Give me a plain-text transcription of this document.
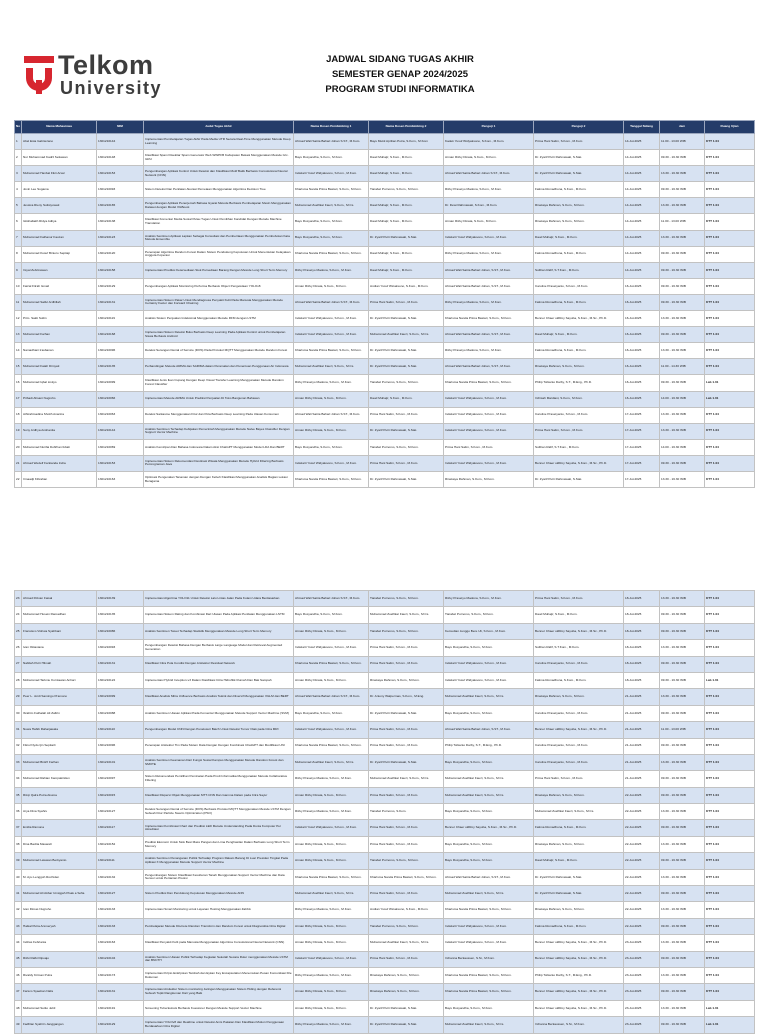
Telkom
University
JADWAL SIDANG TUGAS AKHIR
SEMESTER GENAP 2024/2025
PROGRAM STUDI INFORMATIKA
No	Nama Mahasiswa	NIM	Judul Tugas Akhir	Nama Dosen Pembimbing 1	Nama Dosen Pembimbing 2	Penguji 1	Penguji 2	Tanggal Sidang	Jam	Ruang Ujian
1	Abel Esta Gabriezano	1301210144	Implementasi Pembelajaran Tugas Akhir Pada Media UTR Secara Real-Time Menggunakan Metode Deep Learning	Ahmad Wali Satria Bahari Johan S.ST., M.Kom.	Bayu Mukti Aprilian Putra, S.Kom., M.Kom	Kadek Yusuf Widyaksono, S.Kom., M.Kom.	Prima Hani Salim, S.Kom., M.Kom	14-Jul-2025	11.00 - 13.00 WIB	KTT 1.04
2	Nur Muhammad Kadril Setiawan	1301210148	Klasifikasi Spam Disekitar Spam Generator Web WWPFB Kabupaten Bekasi Menggunakan Metode GU-GRU	Bayu Rusyandha, S.Kom., M.Kom.	Daud Muhajir, S.Kom., M.Kom.	Arman Rizky Dinata, S.Kom., M.Kom.	Dr. Zyarif Putri Rahmawati, S.Stat.	14-Jul-2025	09.30 - 16.30 WIB	KTT 1.04
3	Muhammad Hanbal Fikri Arsal	1301210153	Pengembangan Aplikasi Kontrol Untuk Deteksi dan Klasifikasi Motif Batik Berbasis Convolutional Neural Network (CNN)	Indwiarti Yusuf Widyaksono, S.Kom., M.Kom.	Daud Muhajir, S.Kom., M.Kom.	Ahmad Wali Satria Bahari Johan S.ST., M.Kom.	Dr. Zyarif Putri Rahmawati, S.Stat.	14-Jul-2025	13.30 - 16.30 WIB	KTT 1.04
4	Jovin Lee Sugama	1301210093	Sistem Deteksi Dan Penilaian Akurasi Pemetaan Menggunakan Algoritma Decision Tree	Kharisma Nanda Prima Bastari, S.Kom., M.Kom.	Tiarabel Purnomo, S.Kom., M.Kom.	Rizky Prasetyo Madona, S.Kom., M.Kom.	Fatima Romadhona, S.Kom., M.Kom.	14-Jul-2025	09.30 - 16.30 WIB	KTT 1.04
5	Jessica Rieny Sulistyowati	1301210165	Pengembangan Aplikasi Penerjemah Bahasa Isyarat Metode Berbasis Pembelajaran Mesin Menggunakan Dataset dengan Model XGBoost	Muhammad Zoelfikar Fauzi, S.Kom., M.Cs.	Daud Muhajir, S.Kom., M.Kom.	Dr. Dewi Rahmawati, S.Kom., M.Kom.	Rinekaya Rahman, S.Kom., M.Kom.	14-Jul-2025	13.30 - 16.30 WIB	KTT 1.04
6	Istishallakh Ridya Aditya	1301210138	Klasifikasi Komentar Media Sosial Pulau Tugas Untuk Pemilihan Kandidat Dengan Metode Machine Translation	Bayu Rusyandha, S.Kom., M.Kom.	Daud Muhajir, S.Kom., M.Kom.	Arman Rizky Dinata, S.Kom., M.Kom.	Rinekaya Rahman, S.Kom., M.Kom.	14-Jul-2025	11.00 - 13.00 WIB	KTT 1.04
7	Muhammad Fathanur Fauzan	1301210123	Analisis Sentimen Aplikasi Lapkan Sebagai Konsultasi dan Pemberitaan Menggunakan Pembobotan Kata Metode Ensemble	Bayu Rusyandha, S.Kom., M.Kom.	Dr. Zyarif Putri Rahmawati, S.Stat.	Indwiarti Yusuf Widyaksono, S.Kom., M.Kom.	Daud Muhajir, S.Kom., M.Kom.	14-Jul-2025	13.30 - 16.30 WIB	KTT 1.04
8	Muhammad Kusuf Bintoro Septiaji	1301210120	Penerapan Algoritma Random Forest Dalam Sistem Pendukung Keputusan Untuk Menentukan Kelayakan Anggota Koperasi	Kharisma Nanda Prima Bastari, S.Kom., M.Kom.	Daud Muhajir, S.Kom., M.Kom.	Rizky Prasetyo Madona, S.Kom., M.Kom.	Fatima Romadhona, S.Kom., M.Kom.	14-Jul-2025	09.30 - 16.30 WIB	KTT 1.04
9	Irsyal Zebrinawan	1301210158	Implementasi Prediksi Ketersediaan Stok Persediaan Barang Dengan Metode Long Short Term Memory	Rizky Prasetyo Madona, S.Kom., M.Kom.	Daud Muhajir, S.Kom., M.Kom.	Ahmad Wali Satria Bahari Johan, S.ST., M.Kom.	Sulthan Rafif, S.T.Kom., M.Kom.	14-Jul-2025	09.30 - 16.30 WIB	KTT 1.04
10	Faizal Fitrah Ismail	1301210129	Pengembangan Aplikasi Monitoring Performa Berbasis Object Pengelolaan YOLOv8	Arman Rizky Dinata, S.Kom., M.Kom.	Andian Yusuf Wicaksono, S.Kom., M.Kom.	Ahmad Wali Satria Bahari Johan, S.ST., M.Kom.	Caroline Prasetyanto, S.Kom., M.Kom.	16-Jul-2025	09.30 - 16.30 WIB	KTT 1.04
11	Muhammad Saiful Ardhillah	1301210131	Implementasi Sistem Pakar Untuk Mendiagnosa Penyakit Kulit Pada Manusia Menggunakan Metode Certainty Factor dan Forward Chaining	Ahmad Wali Satria Bahari Johan S.ST., M.Kom.	Prima Hani Salim, S.Kom., M.Kom.	Rizky Prasetyo Madona, S.Kom., M.Kom.	Fatima Romadhona, S.Kom., M.Kom.	16-Jul-2025	09.30 - 16.30 WIB	KTT 1.04
12	Prim. Sakti Sultin	1301210119	Analisis Sistem Penjualan Indeksimal Menggunakan Metode RFM dengan LSTM	Indwiarti Yusuf Widyaksono, S.Kom., M.Kom.	Dr. Zyarif Putri Rahmawati, S.Stat.	Kharisma Nanda Prima Bastari, S.Kom., M.Kom.	Benner Chaer uldRoy Sayuba, S.Kom., M.Sc., Ph.D.	16-Jul-2025	13.30 - 16.30 WIB	KTT 1.04
13	Muhammad Farhan	1301210168	Implementasi Sistem Deteksi Buku Berbasis Deep Learning Pada Aplikasi Kontrol untuk Pembelajaran Siswa Berbasis Android	Indwiarti Yusuf Widyaksono, S.Kom., M.Kom.	Muhammad Zoelfikar Fauzi, S.Kom., M.Cs.	Ahmad Wali Satria Bahari Johan, S.ST., M.Kom.	Daud Muhajir, S.Kom., M.Kom.	16-Jul-2025	09.30 - 16.30 WIB	KTT 1.04
14	Namadhani Irasbanan	1301210096	Deteksi Serangan Denial of Service (DOS) Pada Protokol MQTT Menggunakan Metode Random Forest	Kharisma Nanda Prima Bastari, S.Kom., M.Kom.	Dr. Zyarif Putri Rahmawati, S.Stat.	Rizky Prasetyo Madona, S.Kom., M.Kom.	Fatima Romadhona, S.Kom., M.Kom.	16-Jul-2025	13.30 - 16.30 WIB	KTT 1.04
15	Muhammad Fatah Dimyati	1301210135	Perbandingan Metode ARIMA dan SARIMA dalam Peramalan dan Penentuan Penggunaan Air Indonesia	Muhammad Zoelfikar Fauzi, S.Kom., M.Cs.	Dr. Zyarif Putri Rahmawati, S.Stat.	Ahmad Wali Satria Bahari Johan, S.ST., M.Kom.	Rinekaya Rahman, S.Kom., M.Kom.	16-Jul-2025	11.00 - 14.30 WIB	KTT 1.04
16	Muhammad Iqbal Listiyo	1301210099	Klasifikasi Jenis Ikan Cupang Dengan Deep Visual Transfer Learning Menggunakan Metode Random Forest Classifier	Rizky Prasetyo Madona, S.Kom., M.Kom.	Tiarabel Purnomo, S.Kom., M.Kom.	Kharisma Nanda Prima Bastari, S.Kom., M.Kom.	Philip Tobianto Darby, S.T., M.Eng., Ph.D.	16-Jul-2025	09.30 - 16.30 WIB	Lab 1.01
17	Pribadi Ahsani Nugroho	1301210066	Implementasi Metode ARIMA Untuk Prediksi Penjualan Di Toko Bangunan Bahasan	Arman Rizky Dinata, S.Kom., M.Kom.	Daud Muhajir, S.Kom., M.Kom.	Indwiarti Yusuf Widyaksono, S.Kom., M.Kom.	Irchisah Mardiani, S.Kom., M.Kom.	16-Jul-2025	14.00 - 16.30 WIB	Lab 1.01
18	Athirahmadina Sholih Anantra	1301210063	Deteksi Sarkasme Menggunakan Fitur dan Pola Berbasis Deep Learning Pada Ulasan Konsumen	Ahmad Wali Satria Bahari Johan S.ST., M.Kom.	Prima Hani Salim, S.Kom., M.Kom.	Indwiarti Yusuf Widyaksono, S.Kom., M.Kom.	Caroline Prasetyanto, S.Kom., M.Kom.	17-Jul-2025	13.30 - 16.30 WIB	KTT 1.04
19	Sony Ardhya Anshanita	1301210144	Analisis Sentimen Terhadap Kebijakan Pemerintah Menggunakan Metode Naive Bayes Classifier Dengan Support Vector Machine	Arman Rizky Dinata, S.Kom., M.Kom.	Dr. Zyarif Putri Rahmawati, S.Stat.	Indwiarti Yusuf Widyaksono, S.Kom., M.Kom.	Prima Hani Salim, S.Kom., M.Kom.	17-Jul-2025	13.30 - 16.30 WIB	KTT 1.04
20	Muhammad Nurifai Dofirhan Ikbali	1301210069	Analisis Kemiripan Dan Bahasa Indonesia Dalam Aksi ChatGPT Menggunakan Model LDA Dan BERT	Bayu Rusyandha, S.Kom., M.Kom.	Tiarabel Purnomo, S.Kom., M.Kom.	Prima Hani Salim, S.Kom., M.Kom.	Sulthan Rafif, S.T.Kom., M.Kom.	17-Jul-2025	14.00 - 16.30 WIB	KTT 1.04
21	Ahmad Wedelf Fantianda Indra	1301210153	Implementasi Sistem Rekomendasi Destinasi Wisata Menggunakan Metode Hybrid Filtering Berbasis Pemrograman Java	Indwiarti Yusuf Widyaksono, S.Kom., M.Kom.	Prima Hani Salim, S.Kom., M.Kom.	Indwiarti Yusuf Widyaksono, S.Kom., M.Kom.	Benner Chaer uldRoy Sayuba, S.Kom., M.Sc., Ph.D.	17-Jul-2025	09.30 - 16.30 WIB	KTT 1.04
22	Irmaadji Kibrahan	1301210163	Optimasi Pengenalan Tanaman dengan Dengan Kebeh Klasifikasi Menggunakan Analisis Bagian Lokasi Beragama	Kharisma Nanda Prima Bastari, S.Kom., M.Kom.	Dr. Zyarif Putri Rahmawati, S.Stat.	Rinekaya Rahman, S.Kom., M.Kom.	Dr. Zyarif Putri Rahmawati, S.Stat.	17-Jul-2025	13.30 - 16.30 WIB	KTT 1.04
23	Ahmad Rizvan Faisal	1301210139	Implementasi Algoritma YOLO11 Untuk Deteksi Lalu Lintas Jalan Pada Kolam Udara Berdasarkan	Ahmad Wali Satria Bahari Johan S.ST., M.Kom.	Tiarabel Purnomo, S.Kom., M.Kom.	Rizky Prasetyo Madona, S.Kom., M.Kom.	Prima Hani Salim, S.Kom., M.Kom.	18-Jul-2025	13.30 - 16.30 WIB	KTT 1.04
24	Muhammad Husein Ramadhan	1301210135	Implementasi Sistem Rating dan Kombinasi Dari Ulasan Pada Aplikasi Penilaian Menggunakan LSTM	Bayu Rusyandha, S.Kom., M.Kom.	Muhammad Zoelfikar Fauzi, S.Kom., M.Cs.	Tiarabel Purnomo, S.Kom., M.Kom.	Daud Muhajir, S.Kom., M.Kom.	18-Jul-2025	09.30 - 16.30 WIB	KTT 1.04
25	Fransisco Vishwa Syahbani	1301210086	Analisis Sentimen Tweet Terhadap Statistik Menggunakan Metode Long Short Term Memory	Arman Rizky Dinata, S.Kom., M.Kom.	Tiarabel Purnomo, S.Kom., M.Kom.	Kemudian Jenggo Bere Uli, S.Kom., M.Kom.	Benner Chaer uldRoy Sayuba, S.Kom., M.Sc., Ph.D.	18-Jul-2025	09.30 - 16.30 WIB	KTT 1.04
26	Ivan Oktaviana	1301210093	Pengembangan Deteksi Bahasa Dengan Berbasis Large Language Model dan Retrieval Augmented Generation	Indwiarti Yusuf Widyaksono, S.Kom., M.Kom.	Prima Hani Salim, S.Kom., M.Kom.	Bayu Rusyandha, S.Kom., M.Kom.	Sulthan Rafif, S.T.Kom., M.Kom.	18-Jul-2025	13.30 - 16.30 WIB	KTT 1.04
27	Nabilah Putri Hilmah	1301210131	Klasifikasi Citra Pola Condisi Dengan Arsitektur Residual Network	Kharisma Nanda Prima Bastari, S.Kom., M.Kom.	Prima Hani Salim, S.Kom., M.Kom.	Indwiarti Yusuf Widyaksono, S.Kom., M.Kom.	Caroline Prasetyanto, S.Kom., M.Kom.	18-Jul-2025	09.30 - 16.30 WIB	KTT 1.04
28	Mohammad Tarkmu Kurniawan Anhari	1301210122	Implementasi Hybrid Inception-v3 Dalam Klasifikasi Citra Hidrofitik Rumah Dan Bak Sampah	Arman Rizky Dinata, S.Kom., M.Kom.	Rinekaya Rahman, S.Kom., M.Kom.	Indwiarti Yusuf Widyaksono, S.Kom., M.Kom.	Fatima Romadhona, S.Kom., M.Kom.	18-Jul-2025	09.30 - 16.30 WIB	Lab 1.01
29	Peer L. Jordi Samingo Pramono	1301210099	Klasifikasi Analisis Mitra Unfluence Berbasis Analisis Teknik dan Diversif Menggunakan XGLM dan BERT	Ahmad Wali Satria Bahari Johan S.ST., M.Kom.	Dr. Antony Walpermas, S.Kom., M.Eng.	Muhammad Zoelfikar Fauzi, S.Kom., M.Cs.	Rinekaya Rahman, S.Kom., M.Kom.	21-Jul-2025	13.30 - 16.30 WIB	KTT 1.04
30	Ibrahim Fathalah Ali Zafirin	1301210088	Analisis Sentimen Ulasan Aplikasi Pada Komentar Menggunakan Metode Support Vector Machine (SVM)	Bayu Rusyandha, S.Kom., M.Kom.	Dr. Zyarif Putri Rahmawati, S.Stat.	Bayu Rusyandha, S.Kom., M.Kom.	Caroline Prasetyanto, S.Kom., M.Kom.	21-Jul-2025	09.30 - 16.30 WIB	KTT 1.04
31	Nuwa Habib Raharjawala	1301210110	Pengembangan Model CNN Dengan Penelusuri Batch Untuk Deteksi Tumor Otak pada Citra MRI	Indwiarti Yusuf Widyaksono, S.Kom., M.Kom.	Prima Hani Salim, S.Kom., M.Kom.	Ahmad Wali Satria Bahari Johan, S.ST., M.Kom.	Benner Chaer uldRoy Sayuba, S.Kom., M.Sc., Ph.D.	21-Jul-2025	11.00 - 13.00 WIB	KTT 1.04
32	Fikrul Nydo Ijin Septiarli	1301210096	Penerapan Arsitektur Tim Pada Sistem Data Dengan Dengan Kombinasi ChatGPT dan Modifikasi UNI	Kharisma Nanda Prima Bastari, S.Kom., M.Kom.	Prima Hani Salim, S.Kom., M.Kom.	Philip Tobianto Darby, S.T., M.Eng., Ph.D.	Caroline Prasetyanto, S.Kom., M.Kom.	21-Jul-2025	09.30 - 16.30 WIB	KTT 1.04
33	Muhammad Bintrfi Farhan	1301210101	Analisis Sentimen Keamanan Dari Fungsi Sosial Kampus Menggunakan Metode Random Forest dan SMOTE	Muhammad Zoelfikar Fauzi, S.Kom., M.Cs.	Dr. Zyarif Putri Rahmawati, S.Stat.	Bayu Rusyandha, S.Kom., M.Kom.	Caroline Prasetyanto, S.Kom., M.Kom.	21-Jul-2025	13.30 - 16.30 WIB	KTT 1.04
34	Muhammad Rahian Kampakiriden	1301210097	Sistem Rekomendasi Pemilihan Peminatan Pada Prodi Informatika Menggunakan Metode Collaborative Filtering	Rizky Prasetyo Madona, S.Kom., M.Kom.	Muhammad Zoelfikar Fauzi, S.Kom., M.Cs.	Muhammad Zoelfikar Fauzi, S.Kom., M.Cs.	Prima Hani Salim, S.Kom., M.Kom.	21-Jul-2025	09.30 - 16.30 WIB	KTT 1.04
35	Rizqi Qalra Putra Akuma	1301210015	Klasifikasi Dispersi Objek Menggunakan MTT-CNN Dan Gamma Dalam pada Citra Sayur	Arman Rizky Dinata, S.Kom., M.Kom.	Prima Hani Salim, S.Kom., M.Kom.	Muhammad Zoelfikar Fauzi, S.Kom., M.Cs.	Rinekaya Rahman, S.Kom., M.Kom.	22-Jul-2025	09.30 - 16.30 WIB	KTT 1.04
36	Arya Dina Syahru	1301210127	Deteksi Serangan Denial of Service (DOS) Berbasis Protokol MQTT Menggunakan Metode LSTM Dengan Sebuah Fitur Particle Swarm Optimization (PSO)	Rizky Prasetyo Madona, S.Kom., M.Kom.	Tiarabel Purnomo, S.Kom.	Bayu Rusyandha, S.Kom., M.Kom.	Muhammad Zoelfikar Fauzi, S.Kom., M.Cs.	22-Jul-2025	13.30 - 16.30 WIB	KTT 1.04
37	Emilia Ramona	1301210117	Implementasi Kombinasi Chart dan Prediksi LED Metode Understanding Pada Dunia Komputer Per Akreditasi	Indwiarti Yusuf Widyaksono, S.Kom., M.Kom.	Prima Hani Salim, S.Kom., M.Kom.	Benner Chaer uldRoy Sayuba, S.Kom., M.Sc., Ph.D.	Fatima Romadhona, S.Kom., M.Kom.	22-Jul-2025	09.30 - 16.30 WIB	KTT 1.04
38	Dina Badria Masareh	1301210152	Prediksi Ekonomi Untuk Stok Besi Mass Pangan dan Lima Penghasilan Dalam Berbasis Long Short Term Memory	Arman Rizky Dinata, S.Kom., M.Kom.	Prima Hani Salim, S.Kom., M.Kom.	Bayu Rusyandha, S.Kom., M.Kom.	Rinekaya Rahman, S.Kom., M.Kom.	22-Jul-2025	13.30 - 16.30 WIB	KTT 1.04
39	Muhammad Lawwan Berkyanto	1301210111	Analisis Sentimen Penanganan Publik Terhadap Program Rakam Barang Di Luar Presiden Tingkat Pada Aplikasi X Menggunakan Metode Support Vector Machine	Arman Rizky Dinata, S.Kom., M.Kom.	Tiarabel Purnomo, S.Kom., M.Kom.	Bayu Rusyandha, S.Kom., M.Kom.	Daud Muhajir, S.Kom., M.Kom.	22-Jul-2025	09.30 - 16.30 WIB	KTT 1.04
40	M. Ayu Lenggoh Rochiden	1301210132	Pengembangan Sistem Klasifikasi Kesuburan Tanah Menggunakan Support Vector Machine dan Data Sensor untuk Pertanian Presisi	Kharisma Nanda Prima Bastari, S.Kom., M.Kom.	Kharisma Nanda Prima Bastari, S.Kom., M.Kom.	Ahmad Wali Satria Bahari Johan, S.ST., M.Kom.	Dr. Zyarif Putri Rahmawati, S.Stat.	22-Jul-2025	13.30 - 16.30 WIB	KTT 1.04
41	Muhammad Ali Akbar Umiqgah Pisak a Sofia	1301210127	Sistem Prediksi Dan Pendukung Keputusan Menggunakan Metode ANN	Muhammad Zoelfikar Fauzi, S.Kom., M.Cs.	Prima Hani Salim, S.Kom., M.Kom.	Muhammad Zoelfikar Fauzi, S.Kom., M.Cs.	Dr. Zyarif Putri Rahmawati, S.Stat.	22-Jul-2025	09.30 - 16.30 WIB	KTT 1.04
42	Ivan Dimas Nugroho	1301210133	Implementasi Smart Monitoring untuk Layanan Hosting Menggunakan Zabbix	Rizky Prasetyo Madona, S.Kom., M.Kom.	Andian Yusuf Wicaksono, S.Kom., M.Kom.	Kharisma Nanda Prima Bastari, S.Kom., M.Kom.	Rinekaya Rahman, S.Kom., M.Kom.	22-Jul-2025	13.30 - 16.30 WIB	KTT 1.04
43	Haikal Putra Arsmeryah	1301210133	Pembelajaran Metode Discrete Random Transform dan Random Forest untuk Diagnostika Citra Digital	Arman Rizky Dinata, S.Kom., M.Kom.	Tiarabel Purnomo, S.Kom., M.Kom.	Indwiarti Yusuf Widyaksono, S.Kom., M.Kom.	Fatima Romadhona, S.Kom., M.Kom.	22-Jul-2025	09.30 - 16.30 WIB	KTT 1.04
44	Indrias Febriania	1301210163	Klasifikasi Penyakit Kulit pada Manusia Menggunakan Algoritma Convolutional Neural Network (CNN)	Arman Rizky Dinata, S.Kom., M.Kom.	Muhammad Zoelfikar Fauzi, S.Kom., M.Cs.	Indwiarti Yusuf Widyaksono, S.Kom., M.Kom.	Benner Chaer uldRoy Sayuba, S.Kom., M.Sc., Ph.D.	23-Jul-2025	13.30 - 16.30 WIB	KTT 1.04
45	Rizki Rafki Dipoajo	1301210104	Analisis Sentimen Ulasan Publik Terhadap Kegiatan Sekolah Secara Ruler menggunakan Metode LSTM dan BNCTH	Indwiarti Yusuf Widyaksono, S.Kom., M.Kom.	Prima Hani Salim, S.Kom., M.Kom.	Irchanna Berkaussen, S.Si., M.Kom.	Benner Chaer uldRoy Sayuba, S.Kom., M.Sc., Ph.D.	23-Jul-2025	09.30 - 16.30 WIB	KTT 1.04
46	Rivaldy Kirman Putra	1301210173	Implementasi Kripto Enkripsian Tambah dan Eykan Key Encapsulation Menemukan Pesan Komunikasi File Dokumen	Rizky Prasetyo Madona, S.Kom., M.Kom.	Rinekaya Rahman, S.Kom., M.Kom.	Kharisma Nanda Prima Bastari, S.Kom., M.Kom.	Philip Tobianto Darby, S.T., M.Eng., Ph.D.	23-Jul-2025	13.30 - 16.30 WIB	KTT 1.04
47	Farsco Syaeban Nafa	1301210131	Implementasi Arsitektur Sistem monitoring Jaringan Menggunakan Sistem Hiding dengan Referensi Sebuah Topik Rangkuman Dari yang Baik	Arman Rizky Dinata, S.Kom., M.Kom.	Rinekaya Rahman, S.Kom., M.Kom.	Kharisma Nanda Prima Bastari, S.Kom., M.Kom.	Benner Chaer uldRoy Sayuba, S.Kom., M.Sc., Ph.D.	23-Jul-2025	09.30 - 16.30 WIB	KTT 1.04
48	Muhammad Sutito Jebil	1301210191	Screening Tuberkulosis Berbasis Kuesioner Dengan Metode Support Vector Machine	Arman Rizky Dinata, S.Kom., M.Kom.	Dr. Zyarif Putri Rahmawati, S.Stat.	Bayu Rusyandha, S.Kom., M.Kom.	Benner Chaer uldRoy Sayuba, S.Kom., M.Sc., Ph.D.	23-Jul-2025	13.30 - 16.30 WIB	Lab 1.01
49	Fadhlan Syahrin Janggangan	1301210129	Implementasi YOLOv8 dan Realtime untuk Deteksi Amis Pakaian Dan Klasifikasi Motion Penggunaan Berdasarkan Citra Digital	Rizky Prasetyo Madona, S.Kom., M.Kom.	Dr. Zyarif Putri Rahmawati, S.Stat.	Muhammad Zoelfikar Fauzi, S.Kom., M.Cs.	Irchanna Berkaussen, S.Si., M.Kom.	23-Jul-2025	09.30 - 16.30 WIB	Lab 1.01
